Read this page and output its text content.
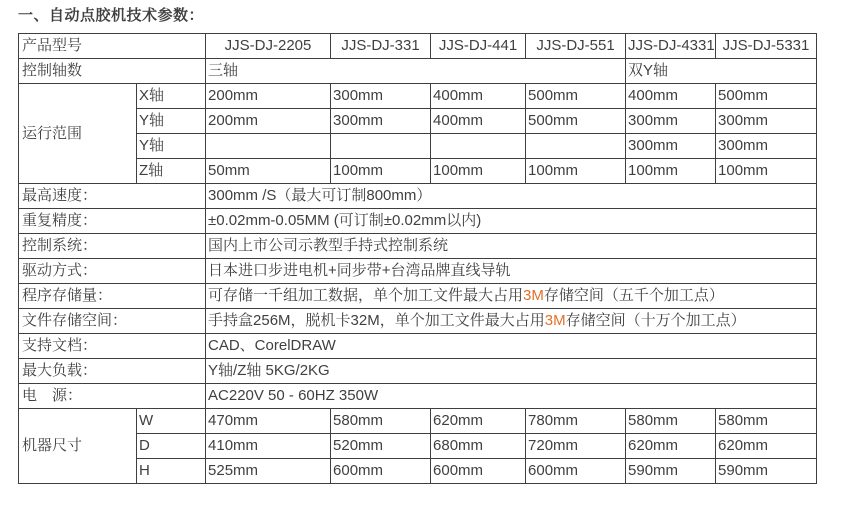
一、自动点胶机技术参数：
产品型号		JJS-DJ-2205	JJS-DJ-331	JJS-DJ-441	JJS-DJ-551	JJS-DJ-4331	JJS-DJ-5331
控制轴数		三轴				双Y轴	
运行范围	X轴	200mm	300mm	400mm	500mm	400mm	500mm
	Y轴	200mm	300mm	400mm	500mm	300mm	300mm
	Y轴					300mm	300mm
	Z轴	50mm	100mm	100mm	100mm	100mm	100mm
最高速度：		300mm /S（最大可订制800mm）					
重复精度：		±0.02mm-0.05MM (可订制±0.02mm以内)					
控制系统：		国内上市公司示教型手持式控制系统					
驱动方式：		日本进口步进电机+同步带+台湾品牌直线导轨					
程序存储量：		可存储一千组加工数据，单个加工文件最大占用3M存储空间（五千个加工点）					
文件存储空间：		手持盒256M，脱机卡32M，单个加工文件最大占用3M存储空间（十万个加工点）					
支持文档：		CAD、CorelDRAW					
最大负载：		Y轴/Z轴 5KG/2KG					
电　源：		AC220V 50 - 60HZ 350W					
机器尺寸	W	470mm	580mm	620mm	780mm	580mm	580mm
	D	410mm	520mm	680mm	720mm	620mm	620mm
	H	525mm	600mm	600mm	600mm	590mm	590mm
